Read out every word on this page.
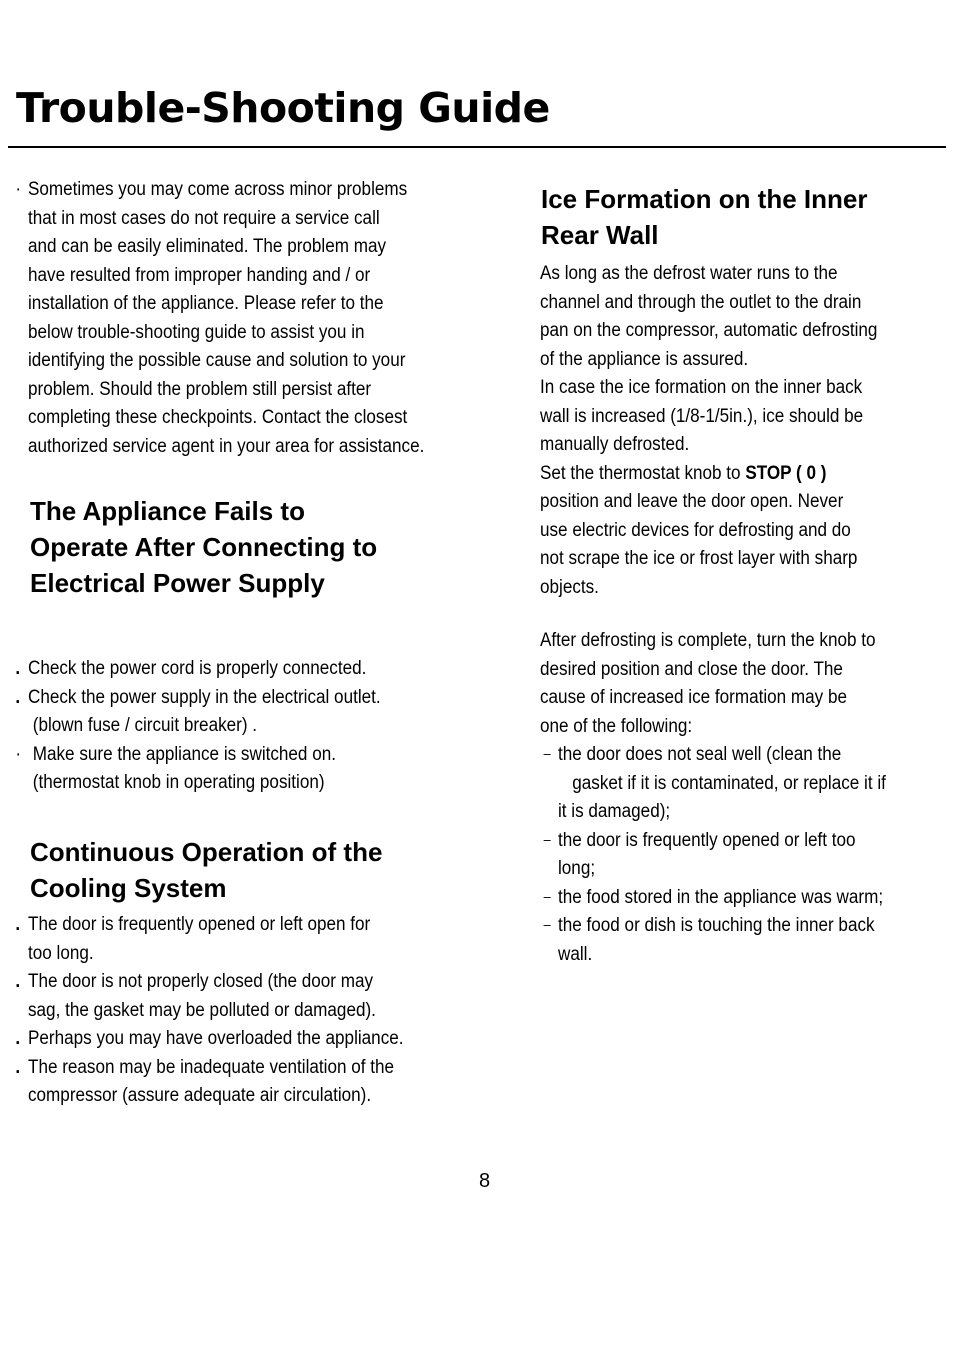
Trouble-Shooting Guide
· Sometimes you may come across minor problems
that in most cases do not require a service call
and can be easily eliminated. The problem may
have resulted from improper handing and / or
installation of the appliance. Please refer to the
below trouble-shooting guide to assist you in
identifying the possible cause and solution to your
problem. Should the problem still persist after
completing these checkpoints. Contact the closest
authorized service agent in your area for assistance.
The Appliance Fails to
Operate After Connecting to
Electrical Power Supply
. Check the power cord is properly connected.
. Check the power supply in the electrical outlet.
(blown fuse / circuit breaker) .
· Make sure the appliance is switched on.
(thermostat knob in operating position)
Continuous Operation of the
Cooling System
. The door is frequently opened or left open for
too long.
. The door is not properly closed (the door may
sag, the gasket may be polluted or damaged).
. Perhaps you may have overloaded the appliance.
. The reason may be inadequate ventilation of the
compressor (assure adequate air circulation).
Ice Formation on the Inner
Rear Wall
As long as the defrost water runs to the
channel and through the outlet to the drain
pan on the compressor, automatic defrosting
of the appliance is assured.
In case the ice formation on the inner back
wall is increased (1/8-1/5in.), ice should be
manually defrosted.
Set the thermostat knob to STOP ( 0 )
position and leave the door open. Never
use electric devices for defrosting and do
not scrape the ice or frost layer with sharp
objects.
After defrosting is complete, turn the knob to
desired position and close the door. The
cause of increased ice formation may be
one of the following:
– the door does not seal well (clean the
gasket if it is contaminated, or replace it if
it is damaged);
– the door is frequently opened or left too
long;
– the food stored in the appliance was warm;
– the food or dish is touching the inner back
wall.
8
